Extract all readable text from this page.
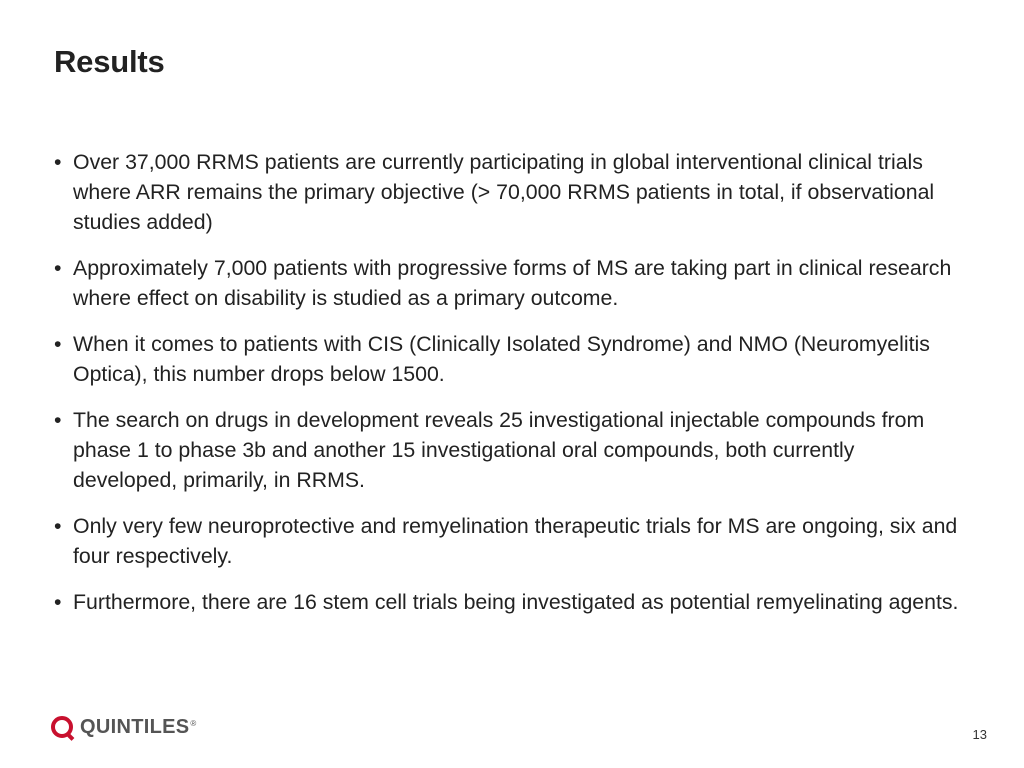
Results
• Over 37,000 RRMS patients are currently participating in global interventional clinical trials where ARR remains the primary objective (> 70,000 RRMS patients in total, if observational studies added)
• Approximately 7,000 patients with progressive forms of MS are taking part in clinical research where effect on disability is studied as a primary outcome.
• When it comes to patients with CIS (Clinically Isolated Syndrome) and NMO (Neuromyelitis Optica), this number drops below 1500.
• The search on drugs in development reveals 25 investigational injectable compounds from phase 1 to phase 3b and another 15 investigational oral compounds, both currently developed, primarily, in RRMS.
• Only very few neuroprotective and remyelination therapeutic trials for MS are ongoing, six and four respectively.
• Furthermore, there are 16 stem cell trials being investigated as potential remyelinating agents.
QUINTILES ®
13
